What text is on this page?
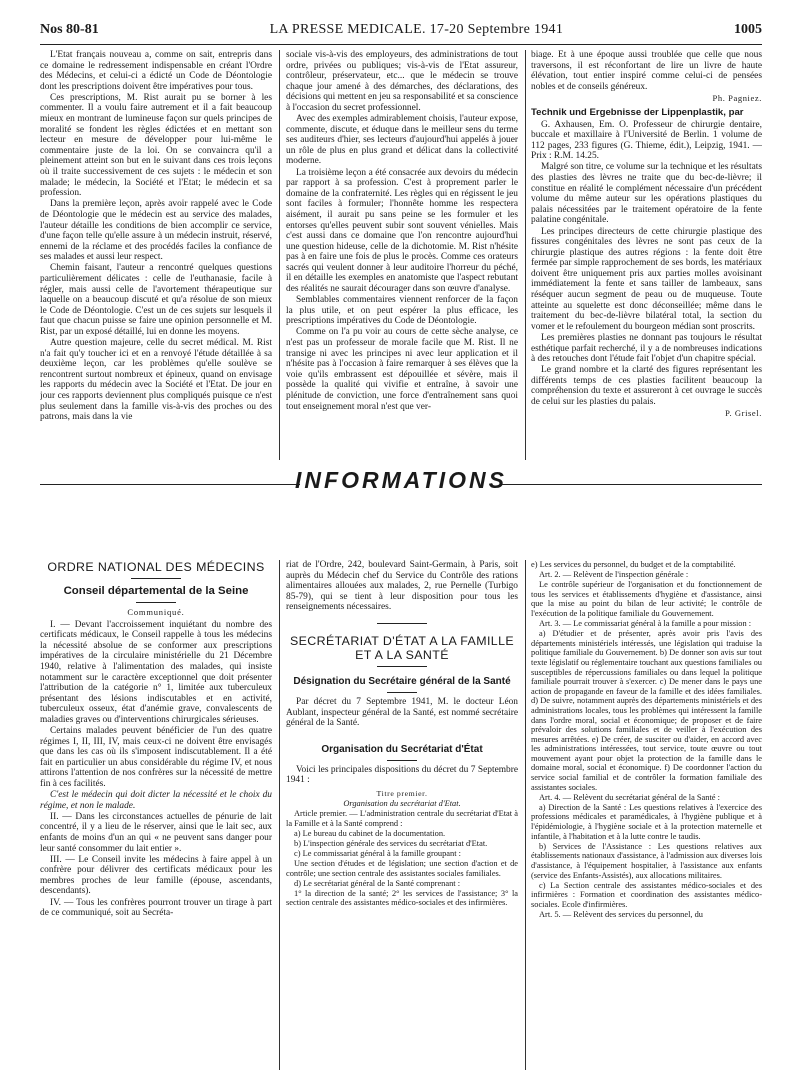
Nos 80-81	LA PRESSE MEDICALE. 17-20 Septembre 1941	1005

L'Etat français nouveau a, comme on sait, entrepris dans ce domaine le redressement indispensable en créant l'Ordre des Médecins, et celui-ci a édicté un Code de Déontologie dont les prescriptions doivent être impératives pour tous.

Ces prescriptions, M. Rist aurait pu se borner à les commenter. Il a voulu faire autrement et il a fait beaucoup mieux en montrant de lumineuse façon sur quels principes de moralité se fondent les règles édictées et en mettant son lecteur en mesure de développer pour lui-même le commentaire juste de la loi. On se convaincra qu'il a pleinement atteint son but en le suivant dans ces trois leçons où il traite successivement de ces sujets : le médecin et son malade; le médecin, la Société et l'Etat; le médecin et sa profession.

Dans la première leçon, après avoir rappelé avec le Code de Déontologie que le médecin est au service des malades, l'auteur détaille les conditions de bien accomplir ce service, d'une façon telle qu'elle assure à un médecin instruit, réservé, ennemi de la réclame et des procédés faciles la confiance de ses malades et aussi leur respect.

Chemin faisant, l'auteur a rencontré quelques questions particulièrement délicates : celle de l'euthanasie, facile à régler, mais aussi celle de l'avortement thérapeutique sur laquelle on a beaucoup discuté et qu'a résolue de son mieux le Code de Déontologie. C'est un de ces sujets sur lesquels il faut que chacun puisse se faire une opinion personnelle et M. Rist, par un exposé détaillé, lui en donne les moyens.

Autre question majeure, celle du secret médical. M. Rist n'a fait qu'y toucher ici et en a renvoyé l'étude détaillée à sa deuxième leçon, car les problèmes qu'elle soulève se rencontrent surtout nombreux et épineux, quand on envisage les rapports du médecin avec la Société et l'Etat. De jour en jour ces rapports deviennent plus compliqués puisque ce n'est plus seulement dans la famille vis-à-vis des proches ou des patrons, mais dans la vie

sociale vis-à-vis des employeurs, des administrations de tout ordre, privées ou publiques; vis-à-vis de l'Etat assureur, contrôleur, préservateur, etc... que le médecin se trouve chaque jour amené à des démarches, des déclarations, des décisions qui mettent en jeu sa responsabilité et sa conscience à l'occasion du secret professionnel.

Avec des exemples admirablement choisis, l'auteur expose, commente, discute, et éduque dans le meilleur sens du terme ses auditeurs d'hier, ses lecteurs d'aujourd'hui appelés à jouer un rôle de plus en plus grand et délicat dans la collectivité moderne.

La troisième leçon a été consacrée aux devoirs du médecin par rapport à sa profession. C'est à proprement parler le domaine de la confraternité. Les règles qui en régissent le jeu sont faciles à formuler; l'honnête homme les respectera aisément, il aurait pu sans peine se les formuler et les entorses qu'elles peuvent subir sont souvent vénielles. Mais c'est aussi dans ce domaine que l'on rencontre aujourd'hui une question hideuse, celle de la dichotomie. M. Rist n'hésite pas à en faire une fois de plus le procès. Comme ces orateurs sacrés qui veulent donner à leur auditoire l'horreur du péché, il en détaille les exemples en anatomiste que l'aspect rebutant des réalités ne saurait décourager dans son œuvre d'analyse.

Semblables commentaires viennent renforcer de la façon la plus utile, et on peut espérer la plus efficace, les prescriptions impératives du Code de Déontologie.

Comme on l'a pu voir au cours de cette sèche analyse, ce n'est pas un professeur de morale facile que M. Rist. Il ne transige ni avec les principes ni avec leur application et il n'hésite pas à l'occasion à faire remarquer à ses élèves que la voie qu'ils embrassent est dépouillée et sévère, mais il possède la qualité qui vivifie et entraîne, à savoir une plénitude de conviction, une force d'entraînement sans quoi tout enseignement moral n'est que ver-

biage. Et à une époque aussi troublée que celle que nous traversons, il est réconfortant de lire un livre de haute élévation, tout entier inspiré comme celui-ci de pensées nobles et de conseils généreux.

Ph. Pagniez.

Technik und Ergebnisse der Lippenplastik, par

G. Axhausen, Em. O. Professeur de chirurgie dentaire, buccale et maxillaire à l'Université de Berlin. 1 volume de 112 pages, 233 figures (G. Thieme, édit.), Leipzig, 1941. — Prix : R.M. 14.25.

Malgré son titre, ce volume sur la technique et les résultats des plasties des lèvres ne traite que du bec-de-lièvre; il constitue en réalité le complément nécessaire d'un précédent volume du même auteur sur les opérations plastiques du palais nécessitées par le traitement opératoire de la fente palatine congénitale.

Les principes directeurs de cette chirurgie plastique des fissures congénitales des lèvres ne sont pas ceux de la chirurgie plastique des autres régions : la fente doit être fermée par simple rapprochement de ses bords, les matériaux doivent être uniquement pris aux parties molles avoisinant immédiatement la fente et sans tailler de lambeaux, sans réséquer aucun segment de peau ou de muqueuse. Toute atteinte au squelette est donc déconseillée; même dans le traitement du bec-de-lièvre bilatéral total, la section du vomer et le refoulement du bourgeon médian sont proscrits.

Les premières plasties ne donnant pas toujours le résultat esthétique parfait recherché, il y a de nombreuses indications à des retouches dont l'étude fait l'objet d'un chapitre spécial.

Le grand nombre et la clarté des figures représentant les différents temps de ces plasties facilitent beaucoup la compréhension du texte et assureront à cet ouvrage le succès de celui sur les plasties du palais.

P. Grisel.
INFORMATIONS
ORDRE NATIONAL DES MÉDECINS
Conseil départemental de la Seine
Communiqué.

I. — Devant l'accroissement inquiétant du nombre des certificats médicaux, le Conseil rappelle à tous les médecins la nécessité absolue de se conformer aux prescriptions impératives de la circulaire ministérielle du 21 Décembre 1940, relative à l'alimentation des malades, qui insiste notamment sur le caractère exceptionnel que doit présenter l'attribution de la catégorie n° 1, limitée aux tuberculeux présentant des lésions indiscutables et en activité, tuberculeux osseux, état d'anémie grave, convalescents de maladies graves ou d'interventions chirurgicales sérieuses.

Certains malades peuvent bénéficier de l'un des quatre régimes I, II, III, IV, mais ceux-ci ne doivent être envisagés que dans les cas où ils s'imposent indiscutablement. Il a été fait en particulier un abus considérable du régime IV, et nous attirons l'attention de nos confrères sur la nécessité de mettre fin à ces facilités.

C'est le médecin qui doit dicter la nécessité et le choix du régime, et non le malade.

II. — Dans les circonstances actuelles de pénurie de lait concentré, il y a lieu de le réserver, ainsi que le lait sec, aux enfants de moins d'un an qui « ne peuvent sans danger pour leur santé consommer du lait entier ».

III. — Le Conseil invite les médecins à faire appel à un confrère pour délivrer des certificats médicaux pour les membres proches de leur famille (épouse, ascendants, descendants).

IV. — Tous les confrères pourront trouver un tirage à part de ce communiqué, soit au Secréta-

riat de l'Ordre, 242, boulevard Saint-Germain, à Paris, soit auprès du Médecin chef du Service du Contrôle des rations alimentaires allouées aux malades, 2, rue Pernelle (Turbigo 85-79), qui se tient à leur disposition pour tous les renseignements nécessaires.

SECRÉTARIAT D'ÉTAT A LA FAMILLE ET A LA SANTÉ
Désignation du Secrétaire général de la Santé

Par décret du 7 Septembre 1941, M. le docteur Léon Aublant, inspecteur général de la Santé, est nommé secrétaire général de la Santé.

Organisation du Secrétariat d'État

Voici les principales dispositions du décret du 7 Septembre 1941 :

Titre premier.

Organisation du secrétariat d'Etat.

Article premier. — L'administration centrale du secrétariat d'Etat à la Famille et à la Santé comprend :

a) Le bureau du cabinet de la documentation.

b) L'inspection générale des services du secrétariat d'Etat.

c) Le commissariat général à la famille groupant :

Une section d'études et de législation; une section d'action et de contrôle; une section centrale des assistantes sociales familiales.

d) Le secrétariat général de la Santé comprenant :

1° la direction de la santé; 2° les services de l'assistance; 3° la section centrale des assistantes médico-sociales et des infirmières.

e) Les services du personnel, du budget et de la comptabilité.

Art. 2. — Relèvent de l'inspection générale :

Le contrôle supérieur de l'organisation et du fonctionnement de tous les services et établissements d'hygiène et d'assistance, ainsi que la mise au point du bilan de leur activité; le contrôle de l'exécution de la politique familiale du Gouvernement.

Art. 3. — Le commissariat général à la famille a pour mission :

a) D'étudier et de présenter, après avoir pris l'avis des départements ministériels intéressés, une législation qui traduise la politique familiale du Gouvernement. b) De donner son avis sur tout texte législatif ou réglementaire touchant aux questions familiales ou susceptibles de répercussions familiales ou dans lequel la politique familiale pourrait trouver à s'exercer. c) De mener dans le pays une action de propagande en faveur de la famille et des idées familiales. d) De suivre, notamment auprès des départements ministériels et des administrations locales, tous les problèmes qui intéressent la famille dans l'ordre moral, social et économique; de proposer et de faire prévaloir des solutions familiales et de veiller à l'exécution des mesures arrêtées. e) De créer, de susciter ou d'aider, en accord avec les administrations intéressées, tout service, toute œuvre ou tout mouvement ayant pour objet la protection de la famille dans le domaine moral, social et économique. f) De coordonner l'action du service social familial et de contrôler la formation familiale des assistantes sociales.

Art. 4. — Relèvent du secrétariat général de la Santé :

a) Direction de la Santé : Les questions relatives à l'exercice des professions médicales et paramédicales, à l'hygiène publique et à l'épidémiologie, à l'hygiène sociale et à la protection maternelle et infantile, à l'habitation et à la lutte contre le taudis.

b) Services de l'Assistance : Les questions relatives aux établissements nationaux d'assistance, à l'admission aux diverses lois d'assistance, à l'équipement hospitalier, à l'assistance aux enfants (service des Enfants-Assistés), aux allocations militaires.

c) La Section centrale des assistantes médico-sociales et des infirmières : Formation et coordination des assistantes médico-sociales. Ecole d'infirmières.

Art. 5. — Relèvent des services du personnel, du
